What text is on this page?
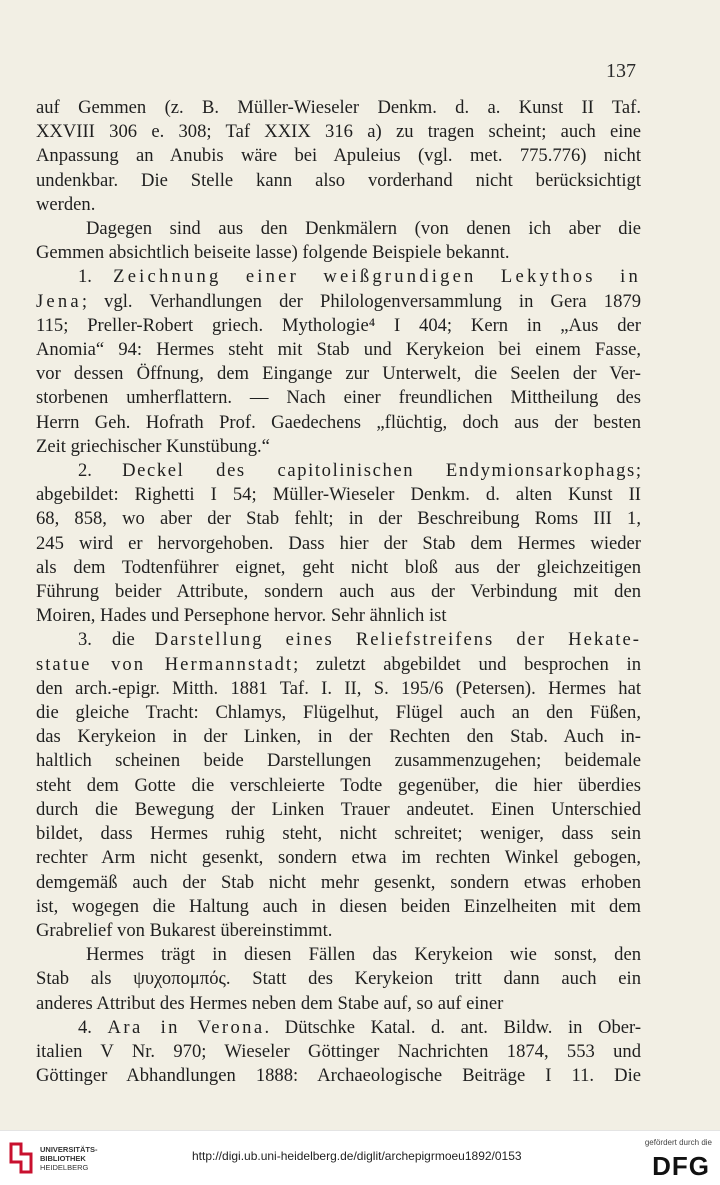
137
auf Gemmen (z. B. Müller-Wieseler Denkm. d. a. Kunst II Taf.
XXVIII 306 e. 308; Taf XXIX 316 a) zu tragen scheint; auch eine
Anpassung an Anubis wäre bei Apuleius (vgl. met. 775.776) nicht
undenkbar. Die Stelle kann also vorderhand nicht berücksichtigt
werden.
Dagegen sind aus den Denkmälern (von denen ich aber die
Gemmen absichtlich beiseite lasse) folgende Beispiele bekannt.
1. Zeichnung einer weißgrundigen Lekythos in
Jena; vgl. Verhandlungen der Philologenversammlung in Gera 1879
115; Preller-Robert griech. Mythologie⁴ I 404; Kern in „Aus der
Anomia“ 94: Hermes steht mit Stab und Kerykeion bei einem Fasse,
vor dessen Öffnung, dem Eingange zur Unterwelt, die Seelen der Ver-
storbenen umherflattern. — Nach einer freundlichen Mittheilung des
Herrn Geh. Hofrath Prof. Gaedechens „flüchtig, doch aus der besten
Zeit griechischer Kunstübung.“
2. Deckel des capitolinischen Endymionsarkophags;
abgebildet: Righetti I 54; Müller-Wieseler Denkm. d. alten Kunst II
68, 858, wo aber der Stab fehlt; in der Beschreibung Roms III 1,
245 wird er hervorgehoben. Dass hier der Stab dem Hermes wieder
als dem Todtenführer eignet, geht nicht bloß aus der gleichzeitigen
Führung beider Attribute, sondern auch aus der Verbindung mit den
Moiren, Hades und Persephone hervor. Sehr ähnlich ist
3. die Darstellung eines Reliefstreifens der Hekate-
statue von Hermannstadt; zuletzt abgebildet und besprochen in
den arch.-epigr. Mitth. 1881 Taf. I. II, S. 195/6 (Petersen). Hermes hat
die gleiche Tracht: Chlamys, Flügelhut, Flügel auch an den Füßen,
das Kerykeion in der Linken, in der Rechten den Stab. Auch in-
haltlich scheinen beide Darstellungen zusammenzugehen; beidemale
steht dem Gotte die verschleierte Todte gegenüber, die hier überdies
durch die Bewegung der Linken Trauer andeutet. Einen Unterschied
bildet, dass Hermes ruhig steht, nicht schreitet; weniger, dass sein
rechter Arm nicht gesenkt, sondern etwa im rechten Winkel gebogen,
demgemäß auch der Stab nicht mehr gesenkt, sondern etwas erhoben
ist, wogegen die Haltung auch in diesen beiden Einzelheiten mit dem
Grabrelief von Bukarest übereinstimmt.
Hermes trägt in diesen Fällen das Kerykeion wie sonst, den
Stab als ψυχοπομπός. Statt des Kerykeion tritt dann auch ein
anderes Attribut des Hermes neben dem Stabe auf, so auf einer
4. Ara in Verona. Dütschke Katal. d. ant. Bildw. in Ober-
italien V Nr. 970; Wieseler Göttinger Nachrichten 1874, 553 und
Göttinger Abhandlungen 1888: Archaeologische Beiträge I 11. Die
UNIVERSITÄTS-
BIBLIOTHEK
HEIDELBERG
http://digi.ub.uni-heidelberg.de/diglit/archepigrmoeu1892/0153
gefördert durch die
DFG
